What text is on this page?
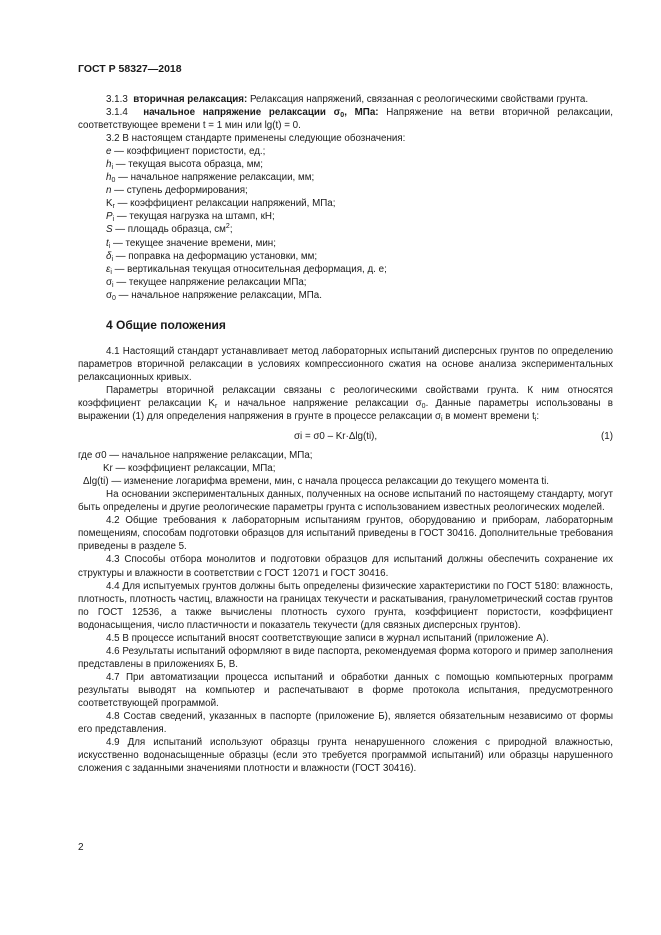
ГОСТ Р 58327—2018

3.1.3 вторичная релаксация: Релаксация напряжений, связанная с реологическими свойствами грунта.

3.1.4 начальное напряжение релаксации $\sigma_0$, МПа: Напряжение на ветви вторичной релаксации, соответствующее времени t = 1 мин или lg(t) = 0.

3.2 В настоящем стандарте применены следующие обозначения:

e — коэффициент пористости, ед.;

$h_i$ — текущая высота образца, мм;

$h_0$ — начальное напряжение релаксации, мм;

n — ступень деформирования;

$K_r$ — коэффициент релаксации напряжений, МПа;

$P_i$ — текущая нагрузка на штамп, кН;

S — площадь образца, $см^2$;

$t_i$ — текущее значение времени, мин;

$\delta_i$ — поправка на деформацию установки, мм;

$\varepsilon_i$ — вертикальная текущая относительная деформация, д. е;

$\sigma_i$ — текущее напряжение релаксации МПа;

$\sigma_0$ — начальное напряжение релаксации, МПа.

4 Общие положения

4.1 Настоящий стандарт устанавливает метод лабораторных испытаний дисперсных грунтов по определению параметров вторичной релаксации в условиях компрессионного сжатия на основе анализа экспериментальных релаксационных кривых.

Параметры вторичной релаксации связаны с реологическими свойствами грунта. К ним относятся коэффициент релаксации $K_r$ и начальное напряжение релаксации $\sigma_0$. Данные параметры использованы в выражении (1) для определения напряжения в грунте в процессе релаксации $\sigma_i$ в момент времени $t_i$:

σi = σ0 – Kr·Δlg(ti),	(1)

где σ0 — начальное напряжение релаксации, МПа;

Kr — коэффициент релаксации, МПа;

Δlg(ti) — изменение логарифма времени, мин, с начала процесса релаксации до текущего момента ti.

На основании экспериментальных данных, полученных на основе испытаний по настоящему стандарту, могут быть определены и другие реологические параметры грунта с использованием известных реологических моделей.

4.2 Общие требования к лабораторным испытаниям грунтов, оборудованию и приборам, лабораторным помещениям, способам подготовки образцов для испытаний приведены в ГОСТ 30416. Дополнительные требования приведены в разделе 5.

4.3 Способы отбора монолитов и подготовки образцов для испытаний должны обеспечить сохранение их структуры и влажности в соответствии с ГОСТ 12071 и ГОСТ 30416.

4.4 Для испытуемых грунтов должны быть определены физические характеристики по ГОСТ 5180: влажность, плотность, плотность частиц, влажности на границах текучести и раскатывания, гранулометрический состав грунтов по ГОСТ 12536, а также вычислены плотность сухого грунта, коэффициент пористости, коэффициент водонасыщения, число пластичности и показатель текучести (для связных дисперсных грунтов).

4.5 В процессе испытаний вносят соответствующие записи в журнал испытаний (приложение А).

4.6 Результаты испытаний оформляют в виде паспорта, рекомендуемая форма которого и пример заполнения представлены в приложениях Б, В.

4.7 При автоматизации процесса испытаний и обработки данных с помощью компьютерных программ результаты выводят на компьютер и распечатывают в форме протокола испытания, предусмотренного соответствующей программой.

4.8 Состав сведений, указанных в паспорте (приложение Б), является обязательным независимо от формы его представления.

4.9 Для испытаний используют образцы грунта ненарушенного сложения с природной влажностью, искусственно водонасыщенные образцы (если это требуется программой испытаний) или образцы нарушенного сложения с заданными значениями плотности и влажности (ГОСТ 30416).

2
